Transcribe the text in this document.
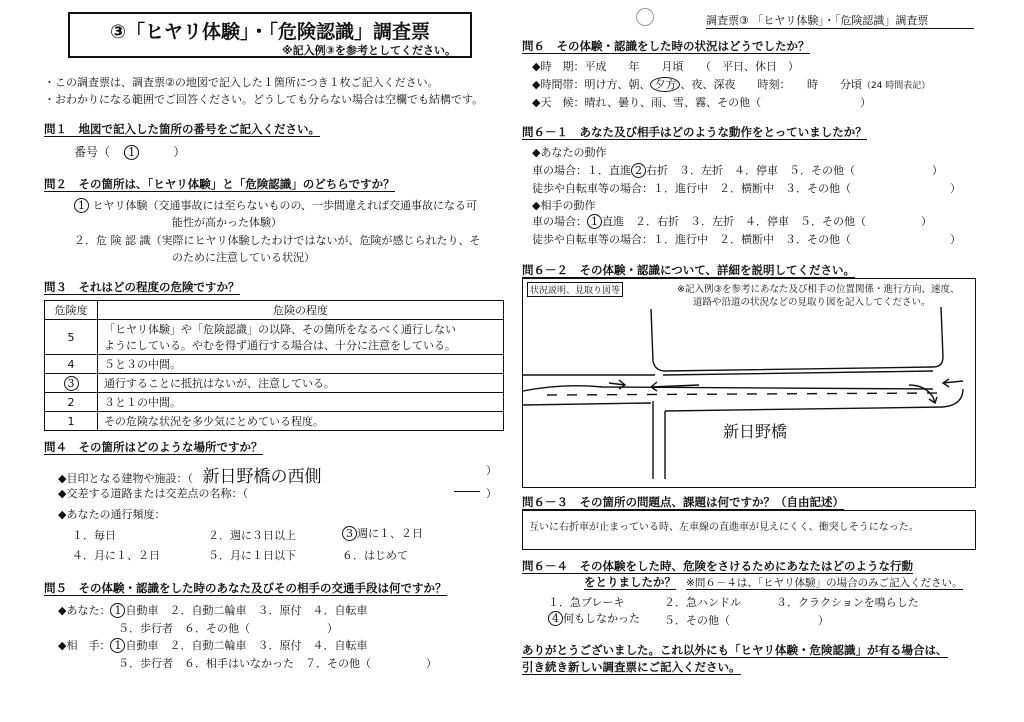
③「ヒヤリ体験」・「危険認識」調査票
※記入例③を参考としてください。
調査票③ 「ヒヤリ体験」・「危険認識」調査票
・この調査票は、調査票②の地図で記入した１箇所につき１枚ご記入ください。
・おわかりになる範囲でご回答ください。どうしても分らない場合は空欄でも結構です。
問１　地図で記入した箇所の番号をご記入ください。
番号（ 1	）
問２　その箇所は、「ヒヤリ体験」と「危険認識」のどちらですか？
1 ヒヤリ体験（交通事故には至らないものの、一歩間違えれば交通事故になる可
能性が高かった体験）
２．危 険 認 識（実際にヒヤリ体験したわけではないが、危険が感じられたり、そ
のために注意している状況）
問３　それはどの程度の危険ですか？
危険度	危険の程度
5	「ヒヤリ体験」や「危険認識」の以降、その箇所をなるべく通行しない
ようにしている。やむを得ず通行する場合は、十分に注意をしている。
4	５と３の中間。
3	通行することに抵抗はないが、注意している。
2	３と１の中間。
1	その危険な状況を多少気にとめている程度。
問４　その箇所はどのような場所ですか？
◆目印となる建物や施設：（ 新日野橋の西側	）
◆交差する道路または交差点の名称：（	）
◆あなたの通行頻度：
１．毎日	２．週に３日以上	3 週に１、２日
４．月に１、２日	５．月に１日以下	６．はじめて
問５　その体験・認識をした時のあなた及びその相手の交通手段は何ですか？
◆あなた： 1 自動車　２．自動二輪車　３．原付　４．自転車
５．歩行者　６．その他（　　　　　　　）
◆相　手： 1 自動車　２．自動二輪車　３．原付　４．自転車
５．歩行者　６．相手はいなかった　７．その他（　　　　　）
問６　その体験・認識をした時の状況はどうでしたか？
◆時　期：平成　　年　　月頃　　（　平日、休日　）
◆時間帯：明け方、朝、 夕方 、夜、深夜　　時刻：　　時　　分頃（24 時間表記）
◆天　候：晴れ、曇り、雨、雪、霧、その他（　　　　　　　　　）
問６－１　あなた及び相手はどのような動作をとっていましたか？
◆あなたの動作
車の場合：１．直進 2 右折　３．左折　４．停車　５．その他（　　　　　　　）
徒歩や自転車等の場合：１．進行中　２．横断中　３．その他（　　　　　　　　　）
◆相手の動作
車の場合： 1 直進　２．右折　３．左折　４．停車　５．その他（　　　　　）
徒歩や自転車等の場合：１．進行中　２．横断中　３．その他（　　　　　　　　　）
問６－２　その体験・認識について、詳細を説明してください。
状況説明、見取り図等	※記入例③を参考にあなた及び相手の位置関係・進行方向、速度、
道路や沿道の状況などの見取り図を記入してください。
新日野橋
問６－３　その箇所の問題点、課題は何ですか？（自由記述）
互いに右折車が止まっている時、左車線の直進車が見えにくく、衝突しそうになった。
問６－４　その体験をした時、危険をさけるためにあなたはどのような行動
をとりましたか？ ※問６－４は、「ヒヤリ体験」の場合のみご記入ください。
１．急ブレーキ	２．急ハンドル	３．クラクションを鳴らした
4 何もしなかった ５．その他（　　　　　　　　）
ありがとうございました。これ以外にも「ヒヤリ体験・危険認識」が有る場合は、
引き続き新しい調査票にご記入ください。
